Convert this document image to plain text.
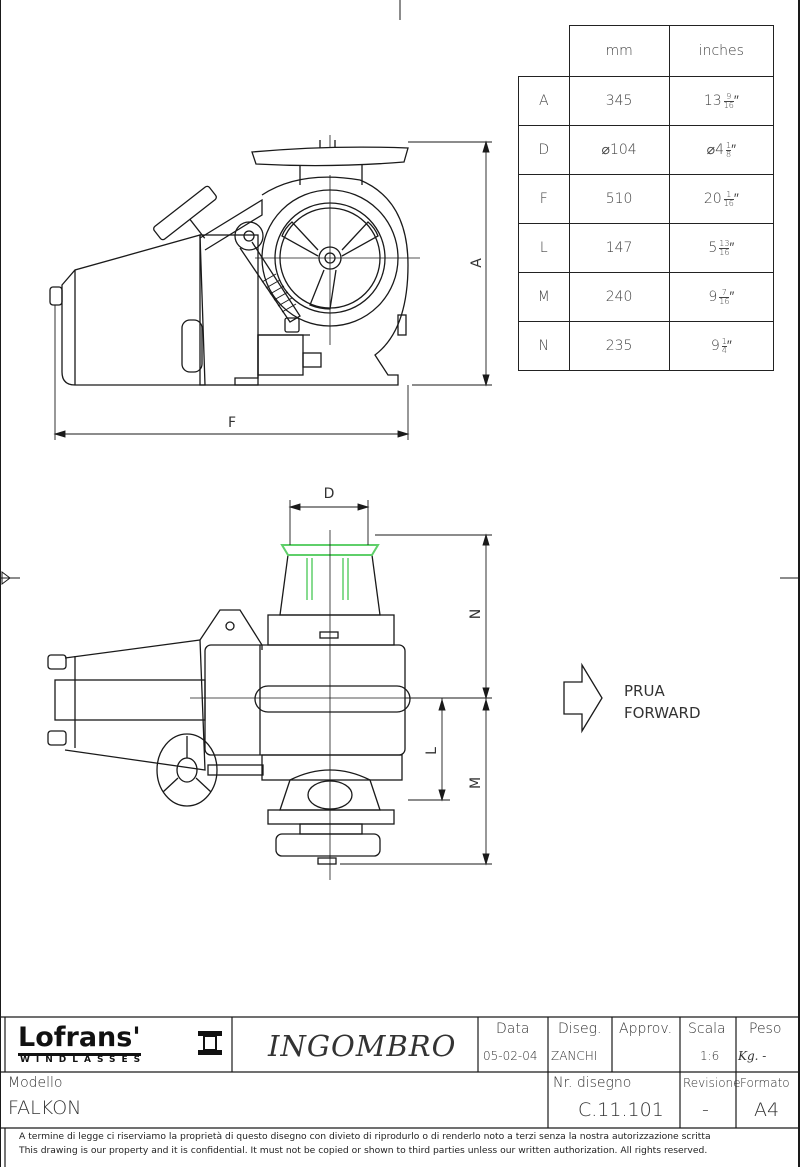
A
F
D
N
L
M
PRUA
FORWARD
	mm	inches
A	345	$13 \frac{9}{16}$ ″
D	⌀104	⌀4 $\frac{1}{8}$ ″
F	510	$20 \frac{1}{16}$ ″
L	147	$5 \frac{13}{16}$ ″
M	240	$9 \frac{7}{16}$ ″
N	235	$9 \frac{1}{4}$ ″
Lofrans'
WINDLASSES	INGOMBRO	Data
05-02-04
Diseg.
ZANCHI
Approv. Scala
1:6
Peso
Kg. -
Modello
FALKON
Nr. disegno
C.11.101
Revisione
-
Formato
A4
A termine di legge ci riserviamo la proprietà di questo disegno con divieto di riprodurlo o di renderlo noto a terzi senza la nostra autorizzazione scritta
This drawing is our property and it is confidential. It must not be copied or shown to third parties unless our written authorization. All rights reserved.
